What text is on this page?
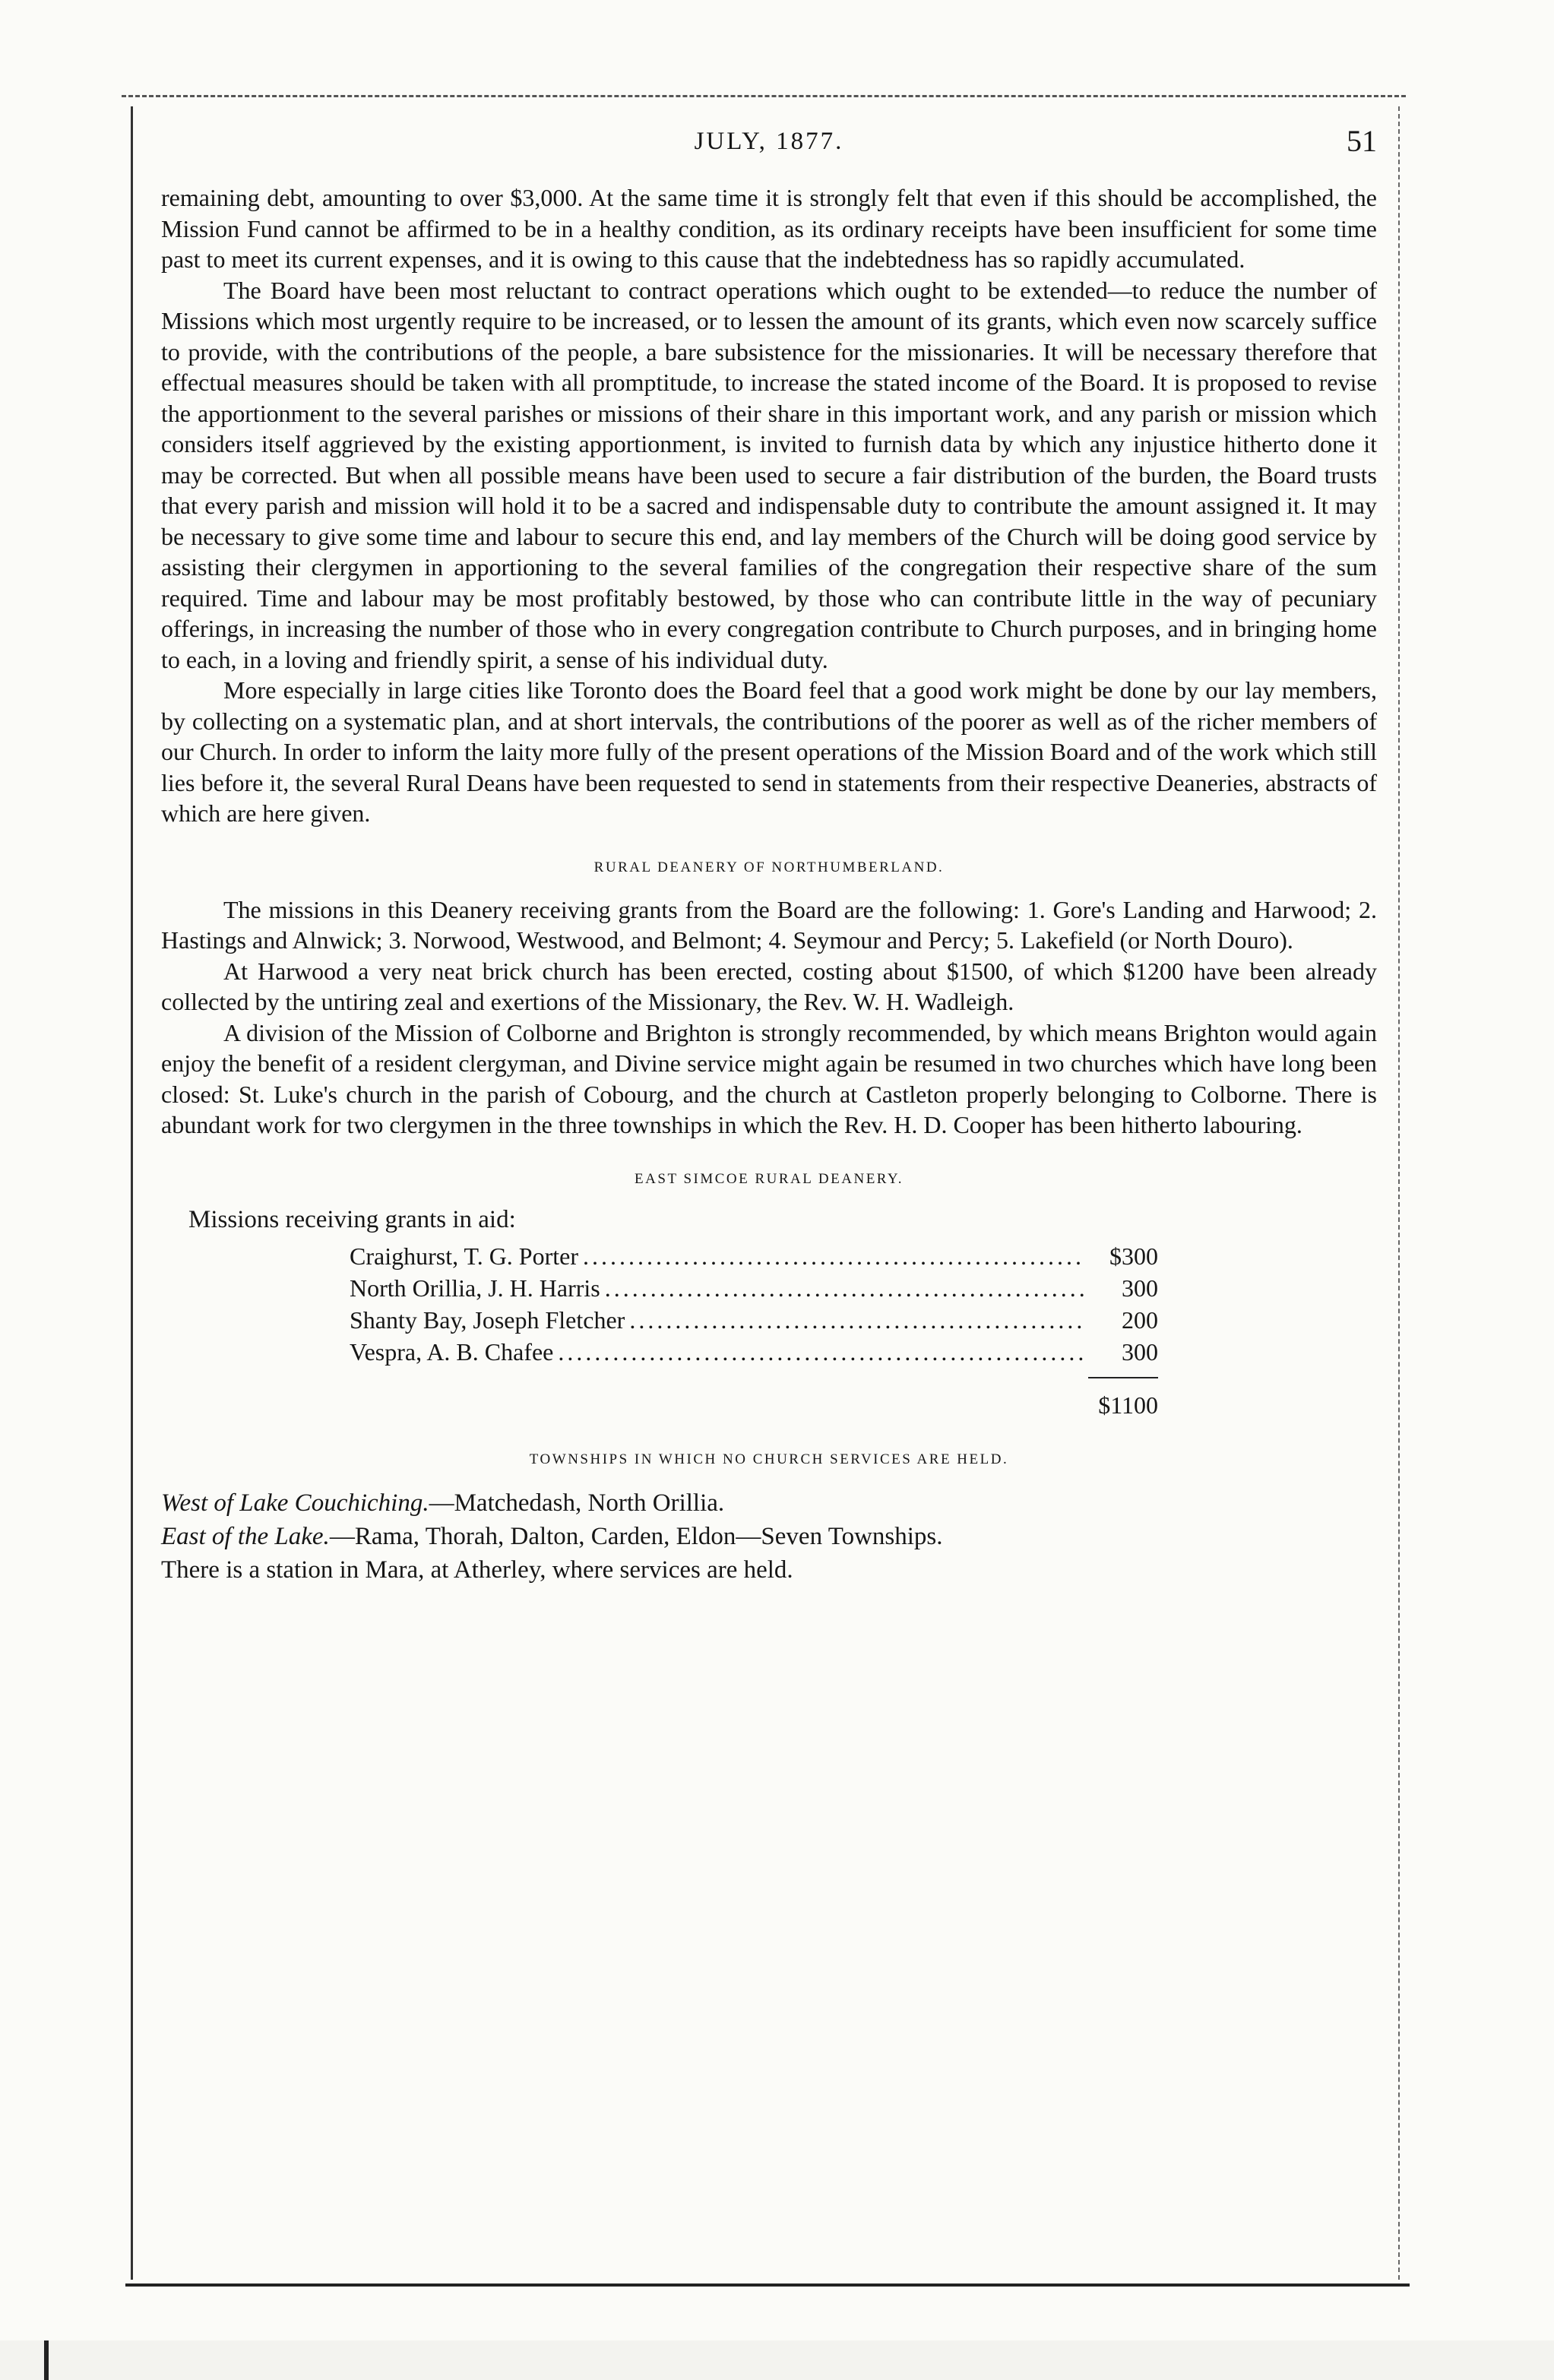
JULY, 1877.	51

remaining debt, amounting to over $3,000. At the same time it is strongly felt that even if this should be accomplished, the Mission Fund cannot be affirmed to be in a healthy condition, as its ordinary receipts have been insufficient for some time past to meet its current expenses, and it is owing to this cause that the indebtedness has so rapidly accumulated.

The Board have been most reluctant to contract operations which ought to be extended—to reduce the number of Missions which most urgently require to be increased, or to lessen the amount of its grants, which even now scarcely suffice to provide, with the contributions of the people, a bare subsistence for the missionaries. It will be necessary therefore that effectual measures should be taken with all promptitude, to increase the stated income of the Board. It is proposed to revise the apportionment to the several parishes or missions of their share in this important work, and any parish or mission which considers itself aggrieved by the existing apportionment, is invited to furnish data by which any injustice hitherto done it may be corrected. But when all possible means have been used to secure a fair distribution of the burden, the Board trusts that every parish and mission will hold it to be a sacred and indispensable duty to contribute the amount assigned it. It may be necessary to give some time and labour to secure this end, and lay members of the Church will be doing good service by assisting their clergymen in apportioning to the several families of the congregation their respective share of the sum required. Time and labour may be most profitably bestowed, by those who can contribute little in the way of pecuniary offerings, in increasing the number of those who in every congregation contribute to Church purposes, and in bringing home to each, in a loving and friendly spirit, a sense of his individual duty.

More especially in large cities like Toronto does the Board feel that a good work might be done by our lay members, by collecting on a systematic plan, and at short intervals, the contributions of the poorer as well as of the richer members of our Church. In order to inform the laity more fully of the present operations of the Mission Board and of the work which still lies before it, the several Rural Deans have been requested to send in statements from their respective Deaneries, abstracts of which are here given.

RURAL DEANERY OF NORTHUMBERLAND.

The missions in this Deanery receiving grants from the Board are the following: 1. Gore's Landing and Harwood; 2. Hastings and Alnwick; 3. Norwood, Westwood, and Belmont; 4. Seymour and Percy; 5. Lakefield (or North Douro).

At Harwood a very neat brick church has been erected, costing about $1500, of which $1200 have been already collected by the untiring zeal and exertions of the Missionary, the Rev. W. H. Wadleigh.

A division of the Mission of Colborne and Brighton is strongly recommended, by which means Brighton would again enjoy the benefit of a resident clergyman, and Divine service might again be resumed in two churches which have long been closed: St. Luke's church in the parish of Cobourg, and the church at Castleton properly belonging to Colborne. There is abundant work for two clergymen in the three townships in which the Rev. H. D. Cooper has been hitherto labouring.

EAST SIMCOE RURAL DEANERY.
Missions receiving grants in aid:
Craighurst, T. G. Porter . . .	$300
North Orillia, J. H. Harris . . .	300
Shanty Bay, Joseph Fletcher . . .	200
Vespra, A. B. Chafee . . .	300
$1100
TOWNSHIPS IN WHICH NO CHURCH SERVICES ARE HELD.

West of Lake Couchiching.—Matchedash, North Orillia.

East of the Lake.—Rama, Thorah, Dalton, Carden, Eldon—Seven Townships.

There is a station in Mara, at Atherley, where services are held.
